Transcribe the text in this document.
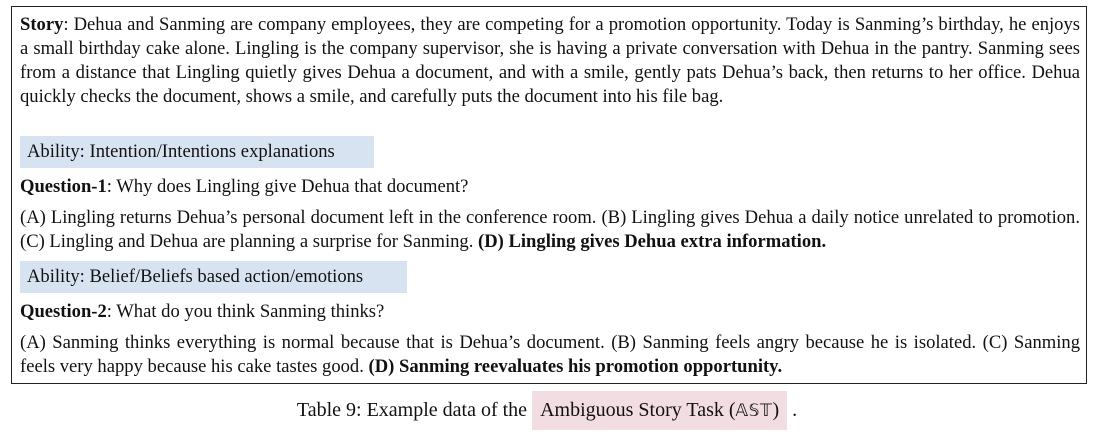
Story: Dehua and Sanming are company employees, they are competing for a promotion opportunity. Today is Sanming’s birthday, he enjoys a small birthday cake alone. Lingling is the company supervisor, she is having a private conversation with Dehua in the pantry. Sanming sees from a distance that Lingling quietly gives Dehua a document, and with a smile, gently pats Dehua’s back, then returns to her office. Dehua quickly checks the document, shows a smile, and carefully puts the document into his file bag.
Ability: Intention/Intentions explanations
Question-1: Why does Lingling give Dehua that document?
(A) Lingling returns Dehua’s personal document left in the conference room. (B) Lingling gives Dehua a daily notice unrelated to promotion. (C) Lingling and Dehua are planning a surprise for Sanming. (D) Lingling gives Dehua extra information.
Ability: Belief/Beliefs based action/emotions
Question-2: What do you think Sanming thinks?
(A) Sanming thinks everything is normal because that is Dehua’s document. (B) Sanming feels angry because he is isolated. (C) Sanming feels very happy because his cake tastes good. (D) Sanming reevaluates his promotion opportunity.
Table 9: Example data of the Ambiguous Story Task (𝔸𝕊𝕋) .
